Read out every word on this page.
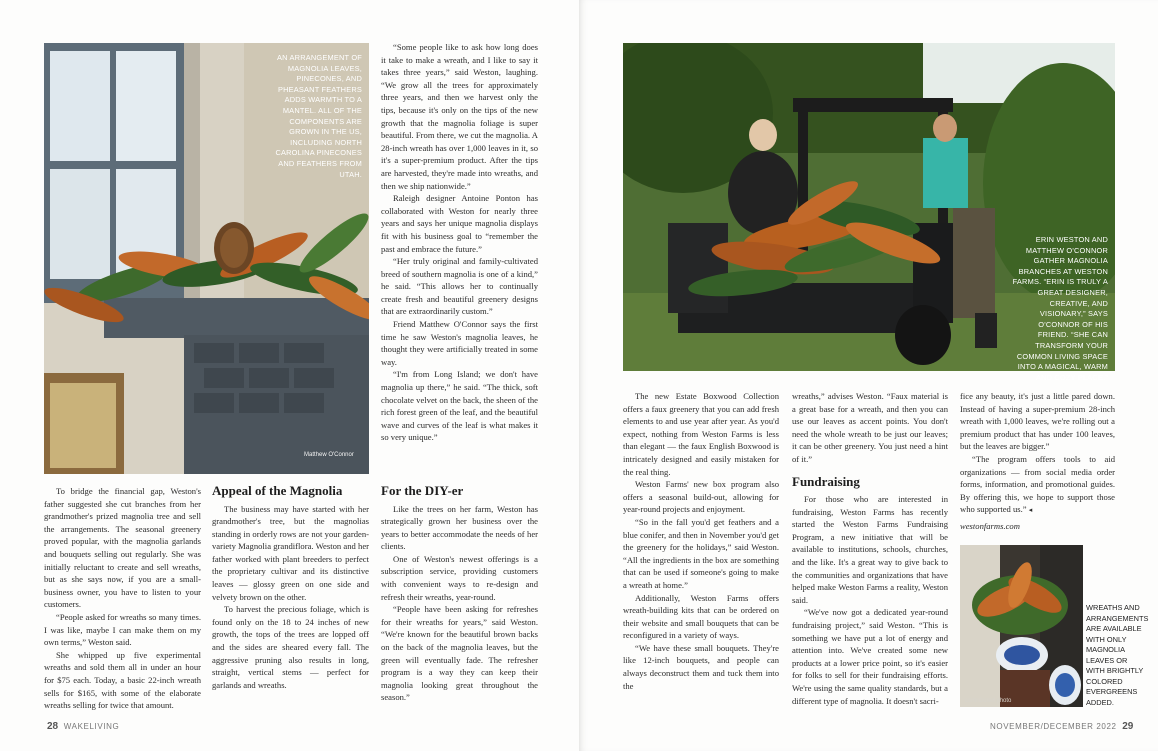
AN ARRANGEMENT OF MAGNOLIA LEAVES, PINECONES, AND PHEASANT FEATHERS ADDS WARMTH TO A MANTEL. ALL OF THE COMPONENTS ARE GROWN IN THE US, INCLUDING NORTH CAROLINA PINECONES AND FEATHERS FROM UTAH.
Matthew O'Connor
ERIN WESTON AND MATTHEW O'CONNOR GATHER MAGNOLIA BRANCHES AT WESTON FARMS. “ERIN IS TRULY A GREAT DESIGNER, CREATIVE, AND VISIONARY,” SAYS O'CONNOR OF HIS FRIEND. “SHE CAN TRANSFORM YOUR COMMON LIVING SPACE INTO A MAGICAL, WARM AND COZY PLACE.”
contributed photo
WREATHS AND ARRANGEMENTS ARE AVAILABLE WITH ONLY MAGNOLIA LEAVES OR WITH BRIGHTLY COLORED EVERGREENS ADDED.

To bridge the financial gap, Weston's father suggested she cut branches from her grandmother's prized magnolia tree and sell the arrangements. The seasonal greenery proved popular, with the magnolia garlands and bouquets selling out regularly. She was initially reluctant to create and sell wreaths, but as she says now, if you are a small-business owner, you have to listen to your customers.

“People asked for wreaths so many times. I was like, maybe I can make them on my own terms,” Weston said.

She whipped up five experimental wreaths and sold them all in under an hour for $75 each. Today, a basic 22-inch wreath sells for $165, with some of the elaborate wreaths selling for twice that amount.

Appeal of the Magnolia

The business may have started with her grandmother's tree, but the magnolias standing in orderly rows are not your garden-variety Magnolia grandiflora. Weston and her father worked with plant breeders to perfect the proprietary cultivar and its distinctive leaves — glossy green on one side and velvety brown on the other.

To harvest the precious foliage, which is found only on the 18 to 24 inches of new growth, the tops of the trees are lopped off and the sides are sheared every fall. The aggressive pruning also results in long, straight, vertical stems — perfect for garlands and wreaths.

“Some people like to ask how long does it take to make a wreath, and I like to say it takes three years,” said Weston, laughing. “We grow all the trees for approximately three years, and then we harvest only the tips, because it's only on the tips of the new growth that the magnolia foliage is super beautiful. From there, we cut the magnolia. A 28-inch wreath has over 1,000 leaves in it, so it's a super-premium product. After the tips are harvested, they're made into wreaths, and then we ship nationwide.”

Raleigh designer Antoine Ponton has collaborated with Weston for nearly three years and says her unique magnolia displays fit with his business goal to “remember the past and embrace the future.”

“Her truly original and family-cultivated breed of southern magnolia is one of a kind,” he said. “This allows her to continually create fresh and beautiful greenery designs that are extraordinarily custom.”

Friend Matthew O'Connor says the first time he saw Weston's magnolia leaves, he thought they were artificially treated in some way.

“I'm from Long Island; we don't have magnolia up there,” he said. “The thick, soft chocolate velvet on the back, the sheen of the rich forest green of the leaf, and the beautiful wave and curves of the leaf is what makes it so very unique.”

For the DIY-er

Like the trees on her farm, Weston has strategically grown her business over the years to better accommodate the needs of her clients.

One of Weston's newest offerings is a subscription service, providing customers with convenient ways to re-design and refresh their wreaths, year-round.

“People have been asking for refreshes for their wreaths for years,” said Weston. “We're known for the beautiful brown backs on the back of the magnolia leaves, but the green will eventually fade. The refresher program is a way they can keep their magnolia looking great throughout the season.”

The new Estate Boxwood Collection offers a faux greenery that you can add fresh elements to and use year after year. As you'd expect, nothing from Weston Farms is less than elegant — the faux English Boxwood is intricately designed and easily mistaken for the real thing.

Weston Farms' new box program also offers a seasonal build-out, allowing for year-round projects and enjoyment.

“So in the fall you'd get feathers and a blue conifer, and then in November you'd get the greenery for the holidays,” said Weston. “All the ingredients in the box are something that can be used if someone's going to make a wreath at home.”

Additionally, Weston Farms offers wreath-building kits that can be ordered on their website and small bouquets that can be reconfigured in a variety of ways.

“We have these small bouquets. They're like 12-inch bouquets, and people can always deconstruct them and tuck them into the

wreaths,” advises Weston. “Faux material is a great base for a wreath, and then you can use our leaves as accent points. You don't need the whole wreath to be just our leaves; it can be other greenery. You just need a hint of it.”

Fundraising

For those who are interested in fundraising, Weston Farms has recently started the Weston Farms Fundraising Program, a new initiative that will be available to institutions, schools, churches, and the like. It's a great way to give back to the communities and organizations that have helped make Weston Farms a reality, Weston said.

“We've now got a dedicated year-round fundraising project,” said Weston. “This is something we have put a lot of energy and attention into. We've created some new products at a lower price point, so it's easier for folks to sell for their fundraising efforts. We're using the same quality standards, but a different type of magnolia. It doesn't sacri-

fice any beauty, it's just a little pared down. Instead of having a super-premium 28-inch wreath with 1,000 leaves, we're rolling out a premium product that has under 100 leaves, but the leaves are bigger.”

“The program offers tools to aid organizations — from social media order forms, information, and promotional guides. By offering this, we hope to support those who supported us.” ◂

westonfarms.com

28 WAKELIVING	NOVEMBER/DECEMBER 2022 29
